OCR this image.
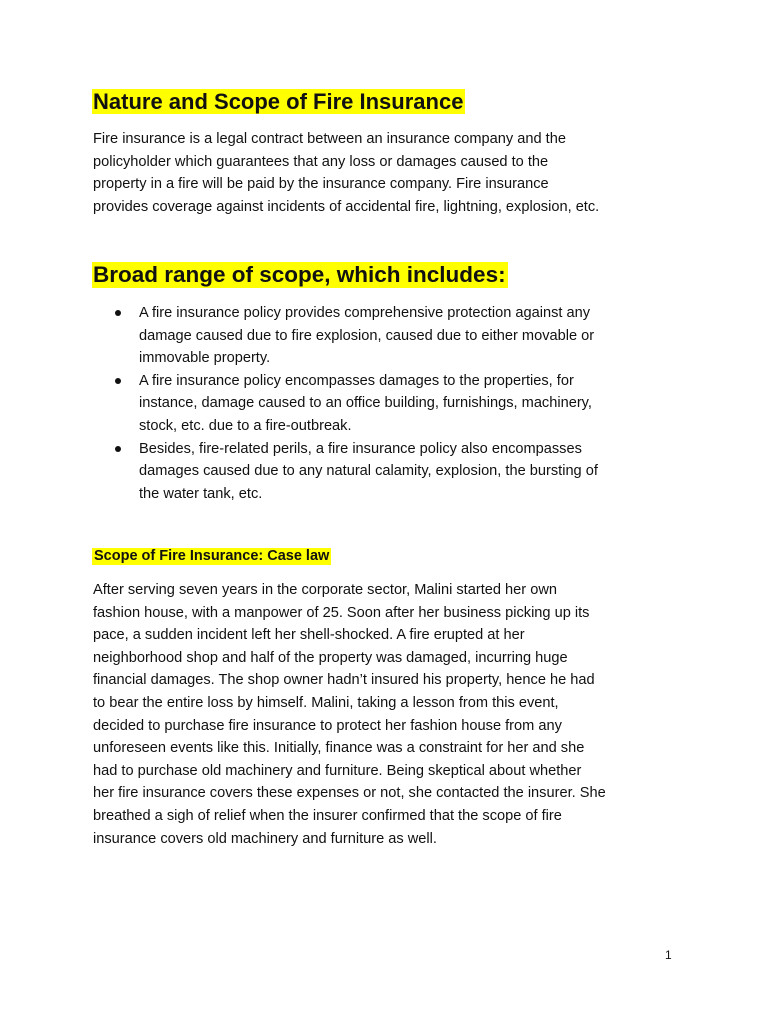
Nature and Scope of Fire Insurance

Fire insurance is a legal contract between an insurance company and the
policyholder which guarantees that any loss or damages caused to the
property in a fire will be paid by the insurance company. Fire insurance
provides coverage against incidents of accidental fire, lightning, explosion, etc.

Broad range of scope, which includes:
A fire insurance policy provides comprehensive protection against any
damage caused due to fire explosion, caused due to either movable or
immovable property.
A fire insurance policy encompasses damages to the properties, for
instance, damage caused to an office building, furnishings, machinery,
stock, etc. due to a fire-outbreak.
Besides, fire-related perils, a fire insurance policy also encompasses
damages caused due to any natural calamity, explosion, the bursting of
the water tank, etc.
Scope of Fire Insurance: Case law

After serving seven years in the corporate sector, Malini started her own
fashion house, with a manpower of 25. Soon after her business picking up its
pace, a sudden incident left her shell-shocked. A fire erupted at her
neighborhood shop and half of the property was damaged, incurring huge
financial damages. The shop owner hadn’t insured his property, hence he had
to bear the entire loss by himself. Malini, taking a lesson from this event,
decided to purchase fire insurance to protect her fashion house from any
unforeseen events like this. Initially, finance was a constraint for her and she
had to purchase old machinery and furniture. Being skeptical about whether
her fire insurance covers these expenses or not, she contacted the insurer. She
breathed a sigh of relief when the insurer confirmed that the scope of fire
insurance covers old machinery and furniture as well.

1
